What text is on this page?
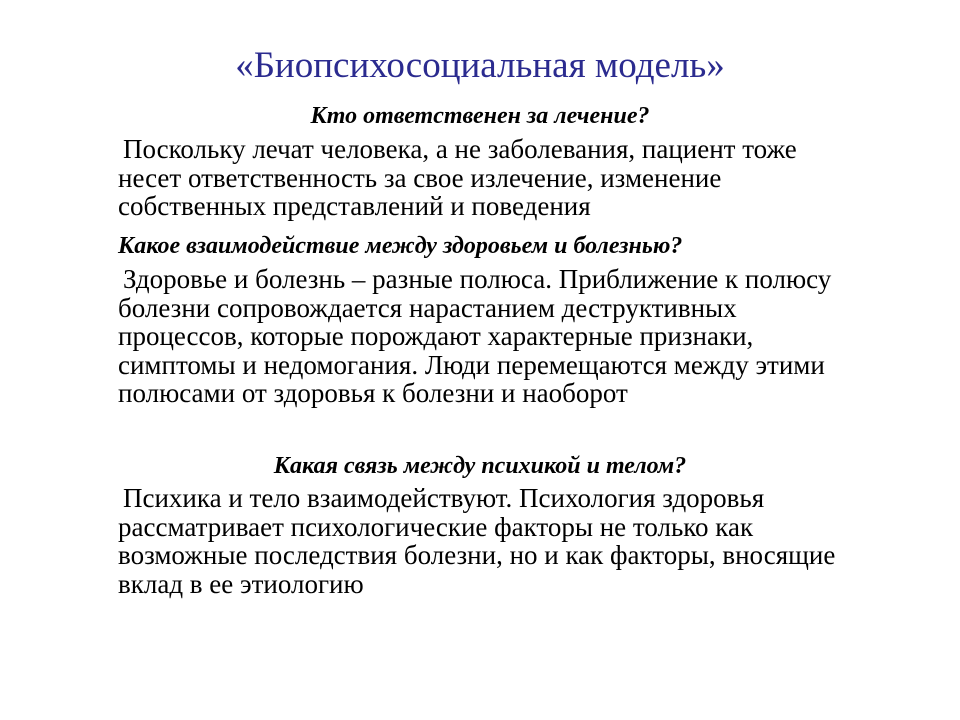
«Биопсихосоциальная модель»

Кто ответственен за лечение?

Поскольку лечат человека, а не заболевания, пациент тоже несет ответственность за свое излечение, изменение собственных представлений и поведения

Какое взаимодействие между здоровьем и болезнью?

Здоровье и болезнь – разные полюса. Приближение к полюсу болезни сопровождается нарастанием деструктивных процессов, которые порождают характерные признаки, симптомы и недомогания. Люди перемещаются между этими полюсами от здоровья к болезни и наоборот

Какая связь между психикой и телом?

Психика и тело взаимодействуют. Психология здоровья рассматривает психологические факторы не только как возможные последствия болезни, но и как факторы, вносящие вклад в ее этиологию
